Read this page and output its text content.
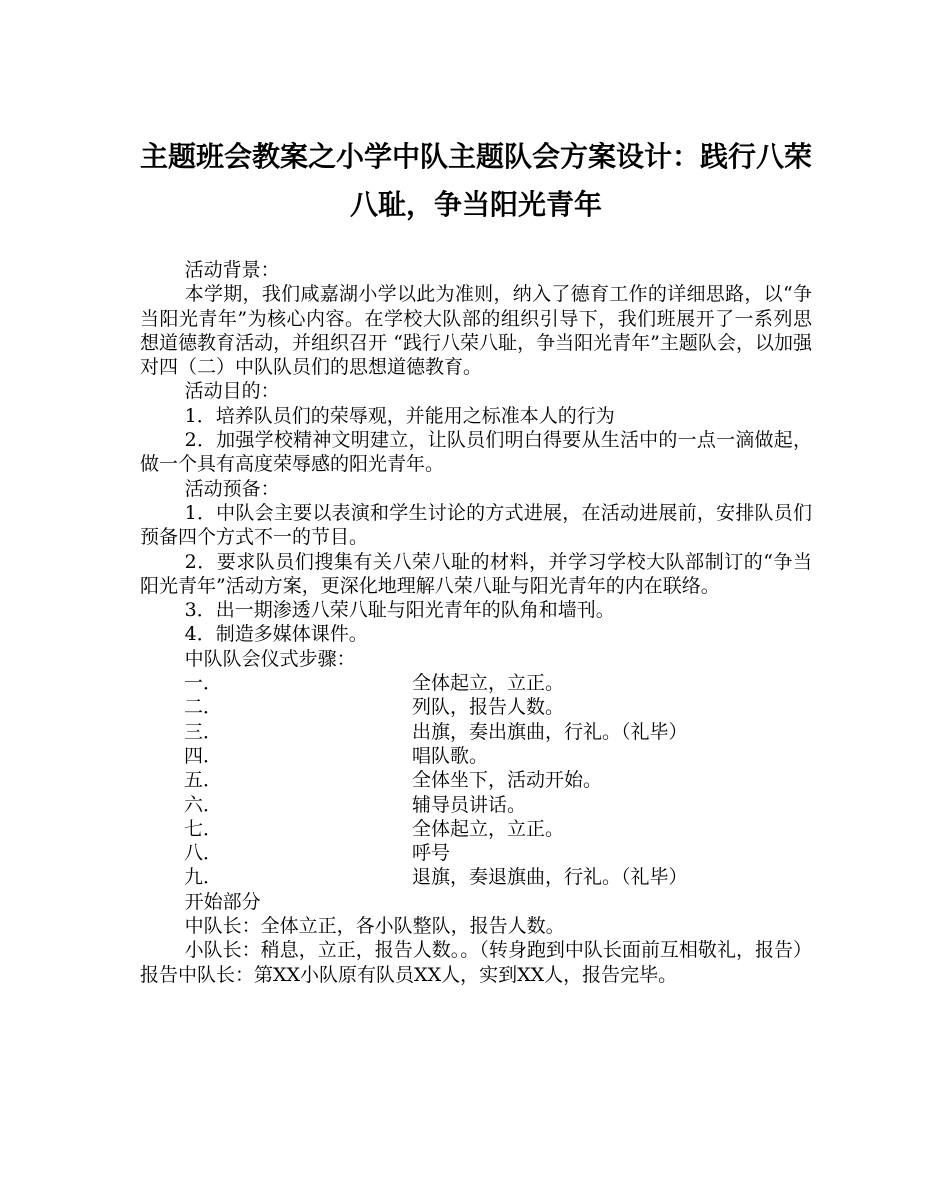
主题班会教案之小学中队主题队会方案设计：践行八荣八耻，争当阳光青年

活动背景：

本学期，我们咸嘉湖小学以此为准则，纳入了德育工作的详细思路，以“争当阳光青年”为核心内容。在学校大队部的组织引导下，我们班展开了一系列思想道德教育活动，并组织召开 “践行八荣八耻，争当阳光青年”主题队会，以加强对四（二）中队队员们的思想道德教育。

活动目的：

1．培养队员们的荣辱观，并能用之标准本人的行为

2．加强学校精神文明建立，让队员们明白得要从生活中的一点一滴做起，做一个具有高度荣辱感的阳光青年。

活动预备：

1．中队会主要以表演和学生讨论的方式进展，在活动进展前，安排队员们预备四个方式不一的节目。

2．要求队员们搜集有关八荣八耻的材料，并学习学校大队部制订的“争当阳光青年”活动方案，更深化地理解八荣八耻与阳光青年的内在联络。

3．出一期渗透八荣八耻与阳光青年的队角和墙刊。

4．制造多媒体课件。

中队队会仪式步骤：

一．	全体起立，立正。
二．	列队，报告人数。
三．	出旗，奏出旗曲，行礼。（礼毕）
四．	唱队歌。
五．	全体坐下，活动开始。
六．	辅导员讲话。
七．	全体起立，立正。
八．	呼号
九．	退旗，奏退旗曲，行礼。（礼毕）

开始部分

中队长：全体立正，各小队整队，报告人数。

小队长：稍息，立正，报告人数。。（转身跑到中队长面前互相敬礼，报告）报告中队长：第XX小队原有队员XX人，实到XX人，报告完毕。
